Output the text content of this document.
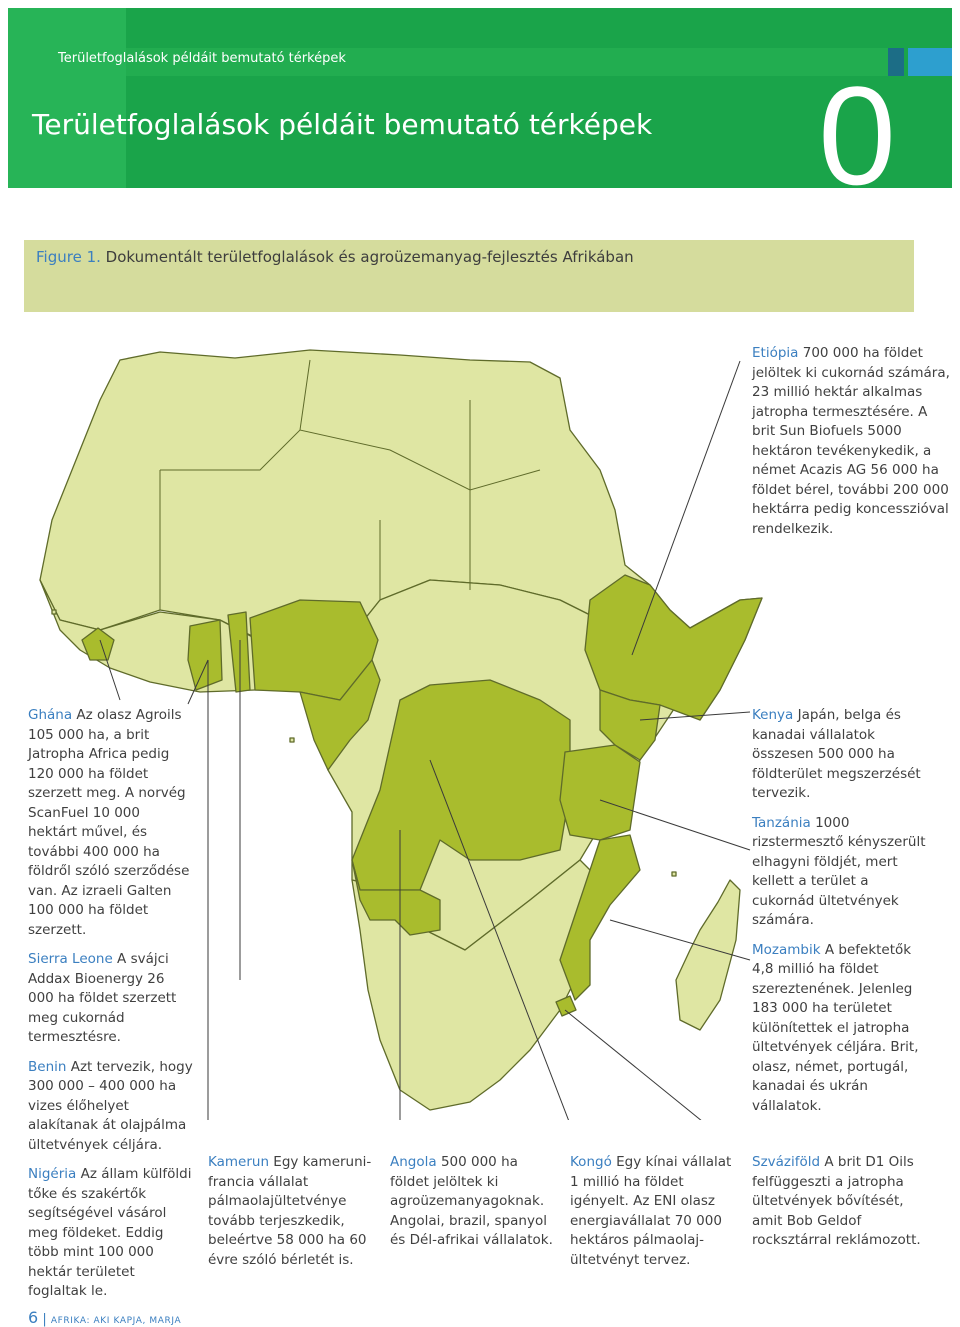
Területfoglalások példáit bemutató térképek
Területfoglalások példáit bemutató térképek 0
Figure 1. Dokumentált területfoglalások és agroüzemanyag-fejlesztés Afrikában
Etiópia 700 000 ha földet jelöltek ki cukornád számára, 23 millió hektár alkalmas jatropha termesztésére. A brit Sun Biofuels 5000 hektáron tevékenykedik, a német Acazis AG 56 000 ha földet bérel, további 200 000 hektárra pedig koncesszióval rendelkezik.

Ghána Az olasz Agroils 105 000 ha, a brit Jatropha Africa pedig 120 000 ha földet szerzett meg. A norvég ScanFuel 10 000 hektárt művel, és további 400 000 ha földről szóló szerződése van. Az izraeli Galten 100 000 ha földet szerzett.

Sierra Leone A svájci Addax Bioenergy 26 000 ha földet szerzett meg cukornád termesztésre.

Benin Azt tervezik, hogy 300 000 – 400 000 ha vizes élőhelyet alakítanak át olajpálma ültetvények céljára.

Nigéria Az állam külföldi tőke és szakértők segítségével vásárol meg földeket. Eddig több mint 100 000 hektár területet foglaltak le.

Kamerun Egy kameruni-francia vállalat pálmaolajültetvénye tovább terjeszkedik, beleértve 58 000 ha 60 évre szóló bérletét is.
Angola 500 000 ha földet jelöltek ki agroüzemanyagoknak. Angolai, brazil, spanyol és Dél-afrikai vállalatok.
Kongó Egy kínai vállalat 1 millió ha földet igényelt. Az ENI olasz energiavállalat 70 000 hektáros pálmaolaj-ültetvényt tervez.

Kenya Japán, belga és kanadai vállalatok összesen 500 000 ha földterület megszerzését tervezik.

Tanzánia 1000 rizstermesztő kényszerült elhagyni földjét, mert kellett a terület a cukornád ültetvények számára.

Mozambik A befektetők 4,8 millió ha földet szereztenének. Jelenleg 183 000 ha területet különítettek el jatropha ültetvények céljára. Brit, olasz, német, portugál, kanadai és ukrán vállalatok.

Szváziföld A brit D1 Oils felfüggeszti a jatropha ültetvények bővítését, amit Bob Geldof rocksztárral reklámozott.
6 | AFRIKA: AKI KAPJA, MARJA
